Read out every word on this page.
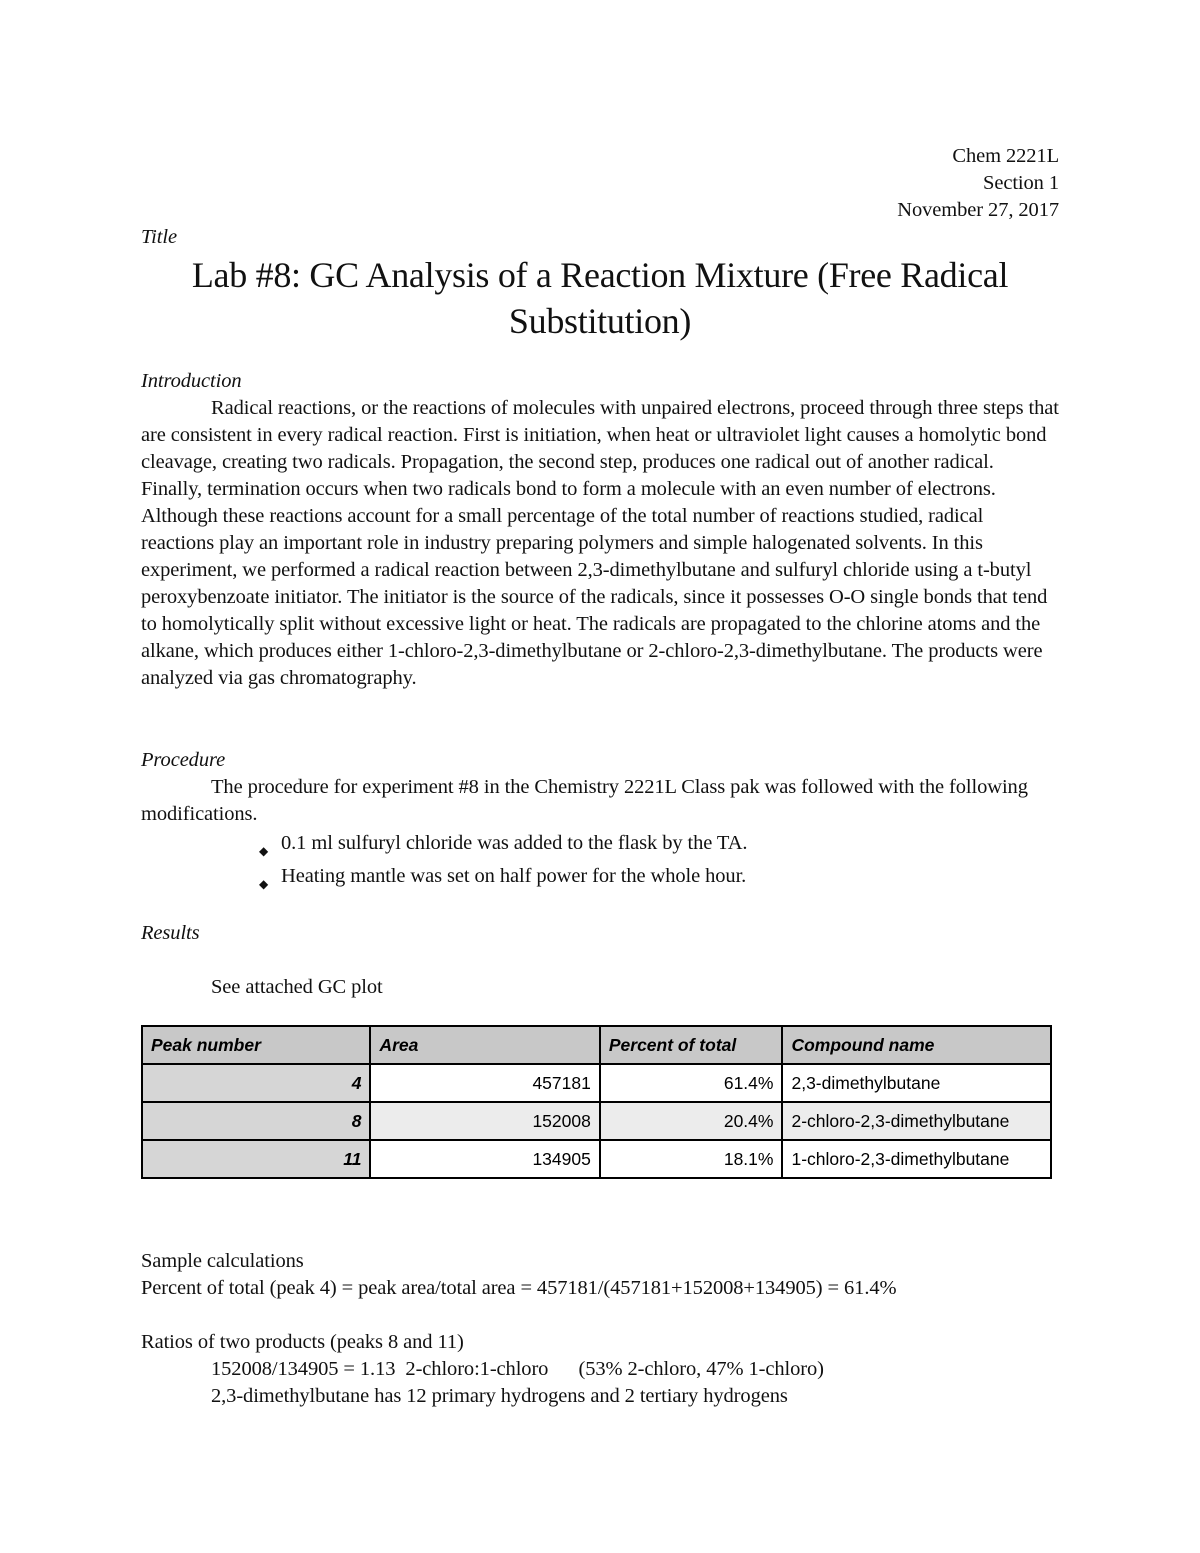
Chem 2221L
Section 1
November 27, 2017
Title
Lab #8: GC Analysis of a Reaction Mixture (Free Radical
Substitution)
Introduction

Radical reactions, or the reactions of molecules with unpaired electrons, proceed through three steps that are consistent in every radical reaction. First is initiation, when heat or ultraviolet light causes a homolytic bond cleavage, creating two radicals. Propagation, the second step, produces one radical out of another radical. Finally, termination occurs when two radicals bond to form a molecule with an even number of electrons. Although these reactions account for a small percentage of the total number of reactions studied, radical reactions play an important role in industry preparing polymers and simple halogenated solvents. In this experiment, we performed a radical reaction between 2,3-dimethylbutane and sulfuryl chloride using a t-butyl peroxybenzoate initiator. The initiator is the source of the radicals, since it possesses O-O single bonds that tend to homolytically split without excessive light or heat. The radicals are propagated to the chlorine atoms and the alkane, which produces either 1-chloro-2,3-dimethylbutane or 2-chloro-2,3-dimethylbutane. The products were analyzed via gas chromatography.

Procedure

The procedure for experiment #8 in the Chemistry 2221L Class pak was followed with the following modifications.

◆ 0.1 ml sulfuryl chloride was added to the flask by the TA.
◆ Heating mantle was set on half power for the whole hour.
Results
See attached GC plot
Peak number	Area	Percent of total	Compound name
4	457181	61.4%	2,3-dimethylbutane
8	152008	20.4%	2-chloro-2,3-dimethylbutane
11	134905	18.1%	1-chloro-2,3-dimethylbutane
Sample calculations
Percent of total (peak 4) = peak area/total area = 457181/(457181+152008+134905) = 61.4%
Ratios of two products (peaks 8 and 11)
152008/134905 = 1.13  2-chloro:1-chloro      (53% 2-chloro, 47% 1-chloro)
2,3-dimethylbutane has 12 primary hydrogens and 2 tertiary hydrogens
